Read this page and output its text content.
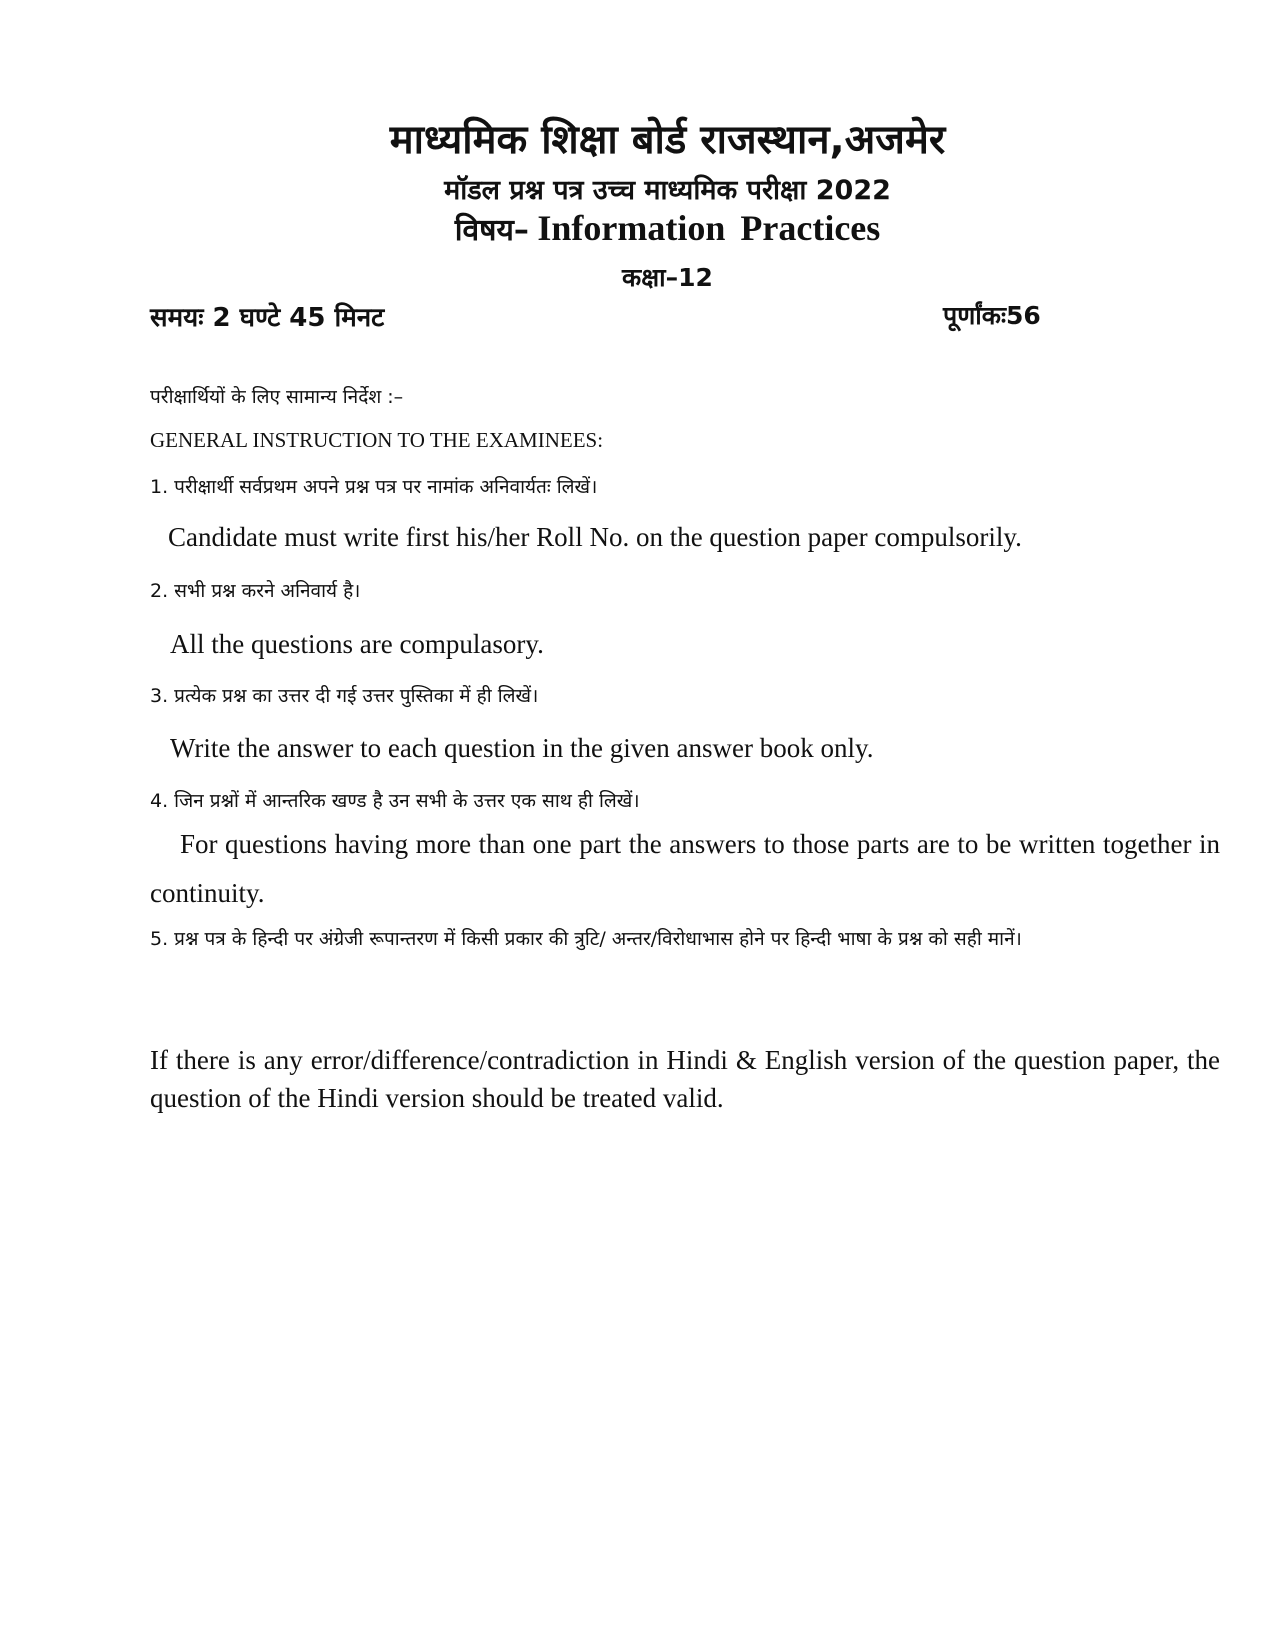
माध्यमिक शिक्षा बोर्ड राजस्थान,अजमेर
मॉडल प्रश्न पत्र उच्च माध्यमिक परीक्षा 2022
विषय– Information Practices
कक्षा–12
समयः 2 घण्टे 45 मिनट	पूर्णांकः56
परीक्षार्थियों के लिए सामान्य निर्देश :–
GENERAL INSTRUCTION TO THE EXAMINEES:
1. परीक्षार्थी सर्वप्रथम अपने प्रश्न पत्र पर नामांक अनिवार्यतः लिखें।
Candidate must write first his/her Roll No. on the question paper compulsorily.
2. सभी प्रश्न करने अनिवार्य है।
All the questions are compulasory.
3. प्रत्येक प्रश्न का उत्तर दी गई उत्तर पुस्तिका में ही लिखें।
Write the answer to each question in the given answer book only.
4. जिन प्रश्नों में आन्तरिक खण्ड है उन सभी के उत्तर एक साथ ही लिखें।
For questions having more than one part the answers to those parts are to be written together in continuity.
5. प्रश्न पत्र के हिन्दी पर अंग्रेजी रूपान्तरण में किसी प्रकार की त्रुटि/ अन्तर/विरोधाभास होने पर हिन्दी भाषा के प्रश्न को सही मानें।
If there is any error/difference/contradiction in Hindi & English version of the question paper, the question of the Hindi version should be treated valid.
